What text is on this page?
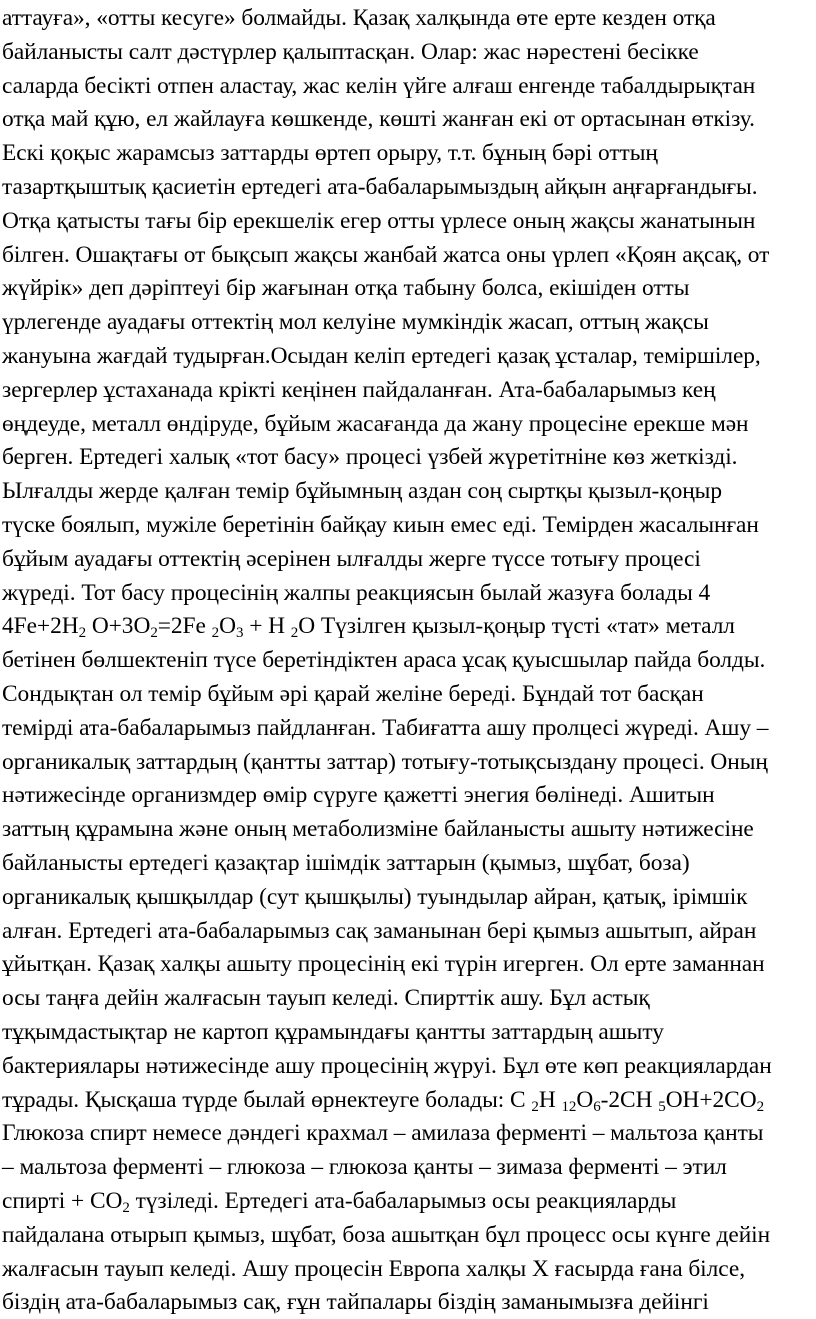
аттауға», «отты кесуге» болмайды. Қазақ халқында өте ерте кезден отқа
байланысты салт дәстүрлер қалыптасқан. Олар: жас нәрестені бесікке
саларда бесікті отпен аластау, жас келін үйге алғаш енгенде табалдырықтан
отқа май құю, ел жайлауға көшкенде, көшті жанған екі от ортасынан өткізу.
Ескі қоқыс жарамсыз заттарды өртеп орыру, т.т. бұның бәрі оттың
тазартқыштық қасиетін ертедегі ата-бабаларымыздың айқын аңғарғандығы.
Отқа қатысты тағы бір ерекшелік егер отты үрлесе оның жақсы жанатынын
білген. Ошақтағы от бықсып жақсы жанбай жатса оны үрлеп «Қоян ақсақ, от
жүйрік» деп дәріптеуі бір жағынан отқа табыну болса, екішіден отты
үрлегенде ауадағы оттектің мол келуіне мумкіндік жасап, оттың жақсы
жануына жағдай тудырған.Осыдан келіп ертедегі қазақ ұсталар, теміршілер,
зергерлер ұстаханада крікті кеңінен пайдаланған. Ата-бабаларымыз кең
өңдеуде, металл өндіруде, бұйым жасағанда да жану процесіне ерекше мән
берген. Ертедегі халық «тот басу» процесі үзбей жүретітніне көз жеткізді.
Ылғалды жерде қалған темір бұйымның аздан соң сыртқы қызыл-қоңыр
түске боялып, мужіле беретінін байқау киын емес еді. Темірден жасалынған
бұйым ауадағы оттектің әсерінен ылғалды жерге түссе тотығу процесі
жүреді. Тот басу процесінің жалпы реакциясын былай жазуға болады 4
$4Fe+2H_2$ $O+3O_2=2Fe$ $_2O_3 + H$ $_2$O Түзілген қызыл-қоңыр түсті «тат» металл
бетінен бөлшектеніп түсе беретіндіктен араса ұсақ қуысшылар пайда болды.
Сондықтан ол темір бұйым әрі қарай желіне береді. Бұндай тот басқан
темірді ата-бабаларымыз пайдланған. Табиғатта ашу пролцесі жүреді. Ашу –
органикалық заттардың (қантты заттар) тотығу-тотықсыздану процесі. Оның
нәтижесінде организмдер өмір сүруге қажетті энегия бөлінеді. Ашитын
заттың құрамына және оның метаболизміне байланысты ашыту нәтижесіне
байланысты ертедегі қазақтар ішімдік заттарын (қымыз, шұбат, боза)
органикалық қышқылдар (сут қышқылы) туындылар айран, қатық, ірімшік
алған. Ертедегі ата-бабаларымыз сақ заманынан бері қымыз ашытып, айран
ұйытқан. Қазақ халқы ашыту процесінің екі түрін игерген. Ол ерте заманнан
осы таңға дейін жалғасын тауып келеді. Спирттік ашу. Бұл астық
тұқымдастықтар не картоп құрамындағы қантты заттардың ашыту
бактериялары нәтижесінде ашу процесінің жүруі. Бұл өте көп реакциялардан
тұрады. Қысқаша түрде былай өрнектеуге болады: C $_2$H $_{12}O_6-2CH$ $_5OH+2CO_2$
Глюкоза спирт немесе дәндегі крахмал – амилаза ферменті – мальтоза қанты
– мальтоза ферменті – глюкоза – глюкоза қанты – зимаза ферменті – этил
спирті + $CO_2$ түзіледі. Ертедегі ата-бабаларымыз осы реакцияларды
пайдалана отырып қымыз, шұбат, боза ашытқан бұл процесс осы күнге дейін
жалғасын тауып келеді. Ашу процесін Европа халқы X ғасырда ғана білсе,
біздің ата-бабаларымыз сақ, ғұн тайпалары біздің заманымызға дейінгі
